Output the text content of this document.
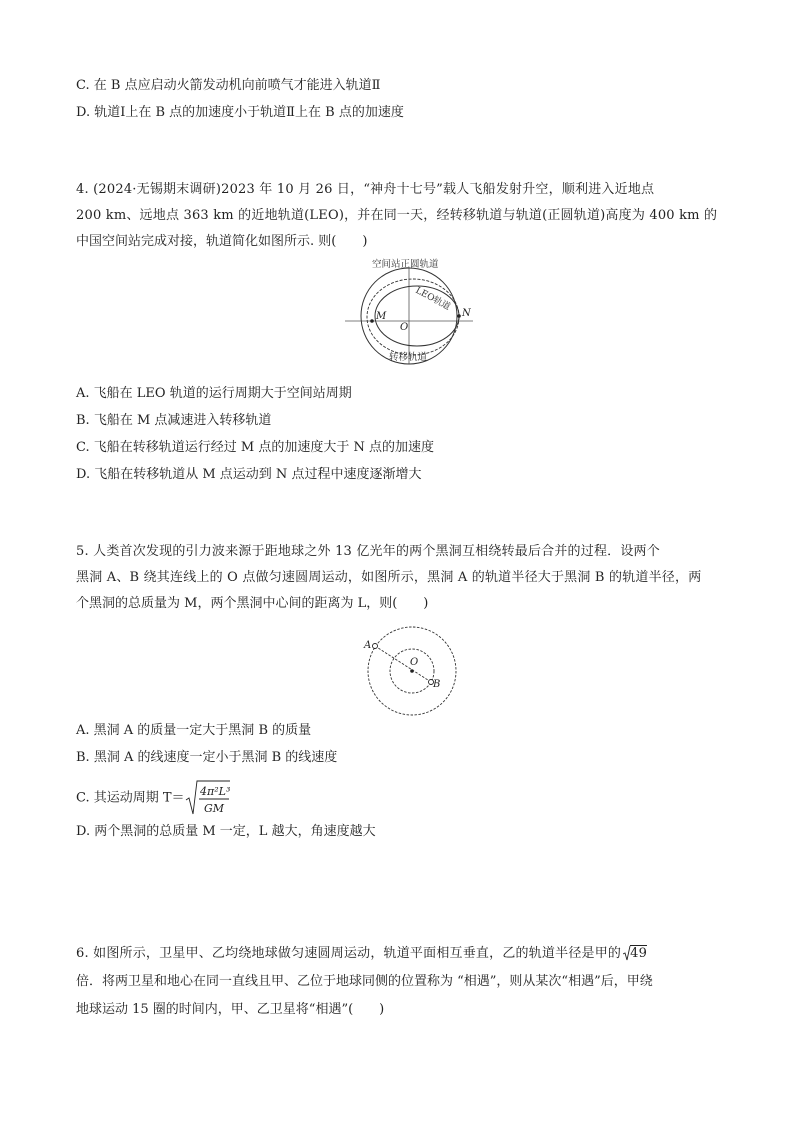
C. 在 B 点应启动火箭发动机向前喷气才能进入轨道Ⅱ
D. 轨道Ⅰ上在 B 点的加速度小于轨道Ⅱ上在 B 点的加速度
4. (2024·无锡期末调研)2023 年 10 月 26 日，“神舟十七号”载人飞船发射升空，顺利进入近地点
200 km、远地点 363 km 的近地轨道(LEO)，并在同一天，经转移轨道与轨道(正圆轨道)高度为 400 km 的
中国空间站完成对接，轨道简化如图所示. 则(　　)
空间站正圆轨道
LEO轨道
M
O
N
转移轨道
A. 飞船在 LEO 轨道的运行周期大于空间站周期
B. 飞船在 M 点减速进入转移轨道
C. 飞船在转移轨道运行经过 M 点的加速度大于 N 点的加速度
D. 飞船在转移轨道从 M 点运动到 N 点过程中速度逐渐增大
5. 人类首次发现的引力波来源于距地球之外 13 亿光年的两个黑洞互相绕转最后合并的过程．设两个
黑洞 A、B 绕其连线上的 O 点做匀速圆周运动，如图所示，黑洞 A 的轨道半径大于黑洞 B 的轨道半径，两
个黑洞的总质量为 M，两个黑洞中心间的距离为 L，则(　　)
A
O
B
A. 黑洞 A 的质量一定大于黑洞 B 的质量
B. 黑洞 A 的线速度一定小于黑洞 B 的线速度
C. 其运动周期 T＝ 4π²L³
GM
D. 两个黑洞的总质量 M 一定，L 越大，角速度越大
6. 如图所示，卫星甲、乙均绕地球做匀速圆周运动，轨道平面相互垂直，乙的轨道半径是甲的 49
倍．将两卫星和地心在同一直线且甲、乙位于地球同侧的位置称为 “相遇”，则从某次“相遇”后，甲绕
地球运动 15 圈的时间内，甲、乙卫星将“相遇”(　　)
